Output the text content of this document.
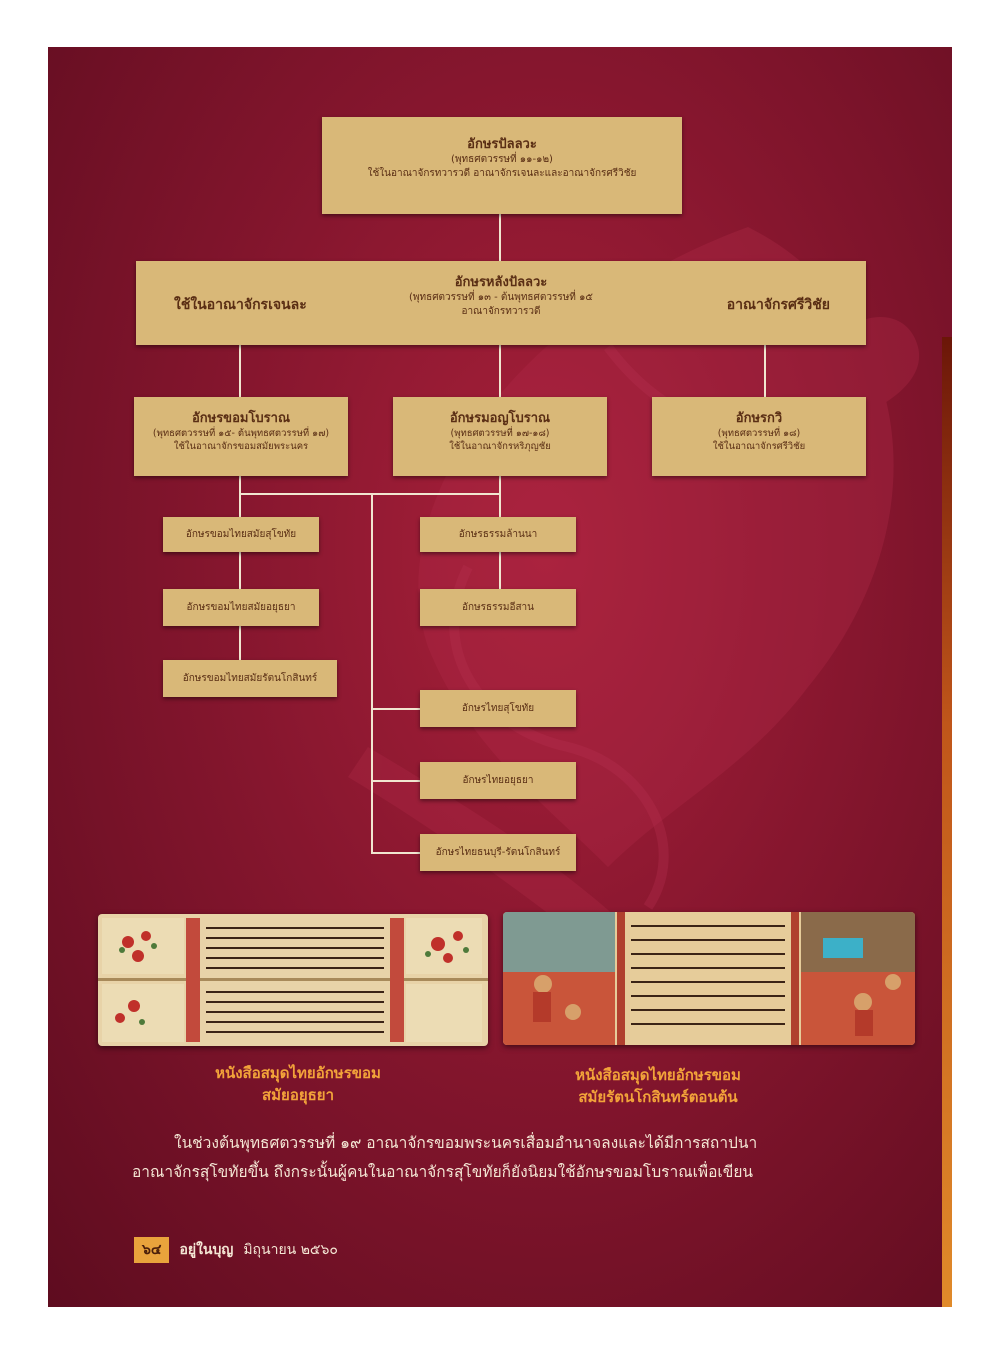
อักษรปัลลวะ
(พุทธศตวรรษที่ ๑๑-๑๒)
ใช้ในอาณาจักรทวารวดี อาณาจักรเจนละและอาณาจักรศรีวิชัย
อักษรหลังปัลลวะ
(พุทธศตวรรษที่ ๑๓ - ต้นพุทธศตวรรษที่ ๑๕
อาณาจักรทวารวดี
ใช้ในอาณาจักรเจนละ	อาณาจักรศรีวิชัย
อักษรขอมโบราณ
(พุทธศตวรรษที่ ๑๕- ต้นพุทธศตวรรษที่ ๑๗)
ใช้ในอาณาจักรขอมสมัยพระนคร
อักษรมอญโบราณ
(พุทธศตวรรษที่ ๑๗-๑๘)
ใช้ในอาณาจักรหริภุญชัย
อักษรกวิ
(พุทธศตวรรษที่ ๑๘)
ใช้ในอาณาจักรศรีวิชัย
อักษรขอมไทยสมัยสุโขทัย
อักษรขอมไทยสมัยอยุธยา
อักษรขอมไทยสมัยรัตนโกสินทร์
อักษรธรรมล้านนา
อักษรธรรมอีสาน
อักษรไทยสุโขทัย
อักษรไทยอยุธยา
อักษรไทยธนบุรี-รัตนโกสินทร์
หนังสือสมุดไทยอักษรขอม
สมัยอยุธยา
หนังสือสมุดไทยอักษรขอม
สมัยรัตนโกสินทร์ตอนต้น

ในช่วงต้นพุทธศตวรรษที่ ๑๙ อาณาจักรขอมพระนครเสื่อมอำนาจลงและได้มีการสถาปนา

อาณาจักรสุโขทัยขึ้น ถึงกระนั้นผู้คนในอาณาจักรสุโขทัยก็ยังนิยมใช้อักษรขอมโบราณเพื่อเขียน

๖๔	อยู่ในบุญ มิถุนายน ๒๕๖๐
